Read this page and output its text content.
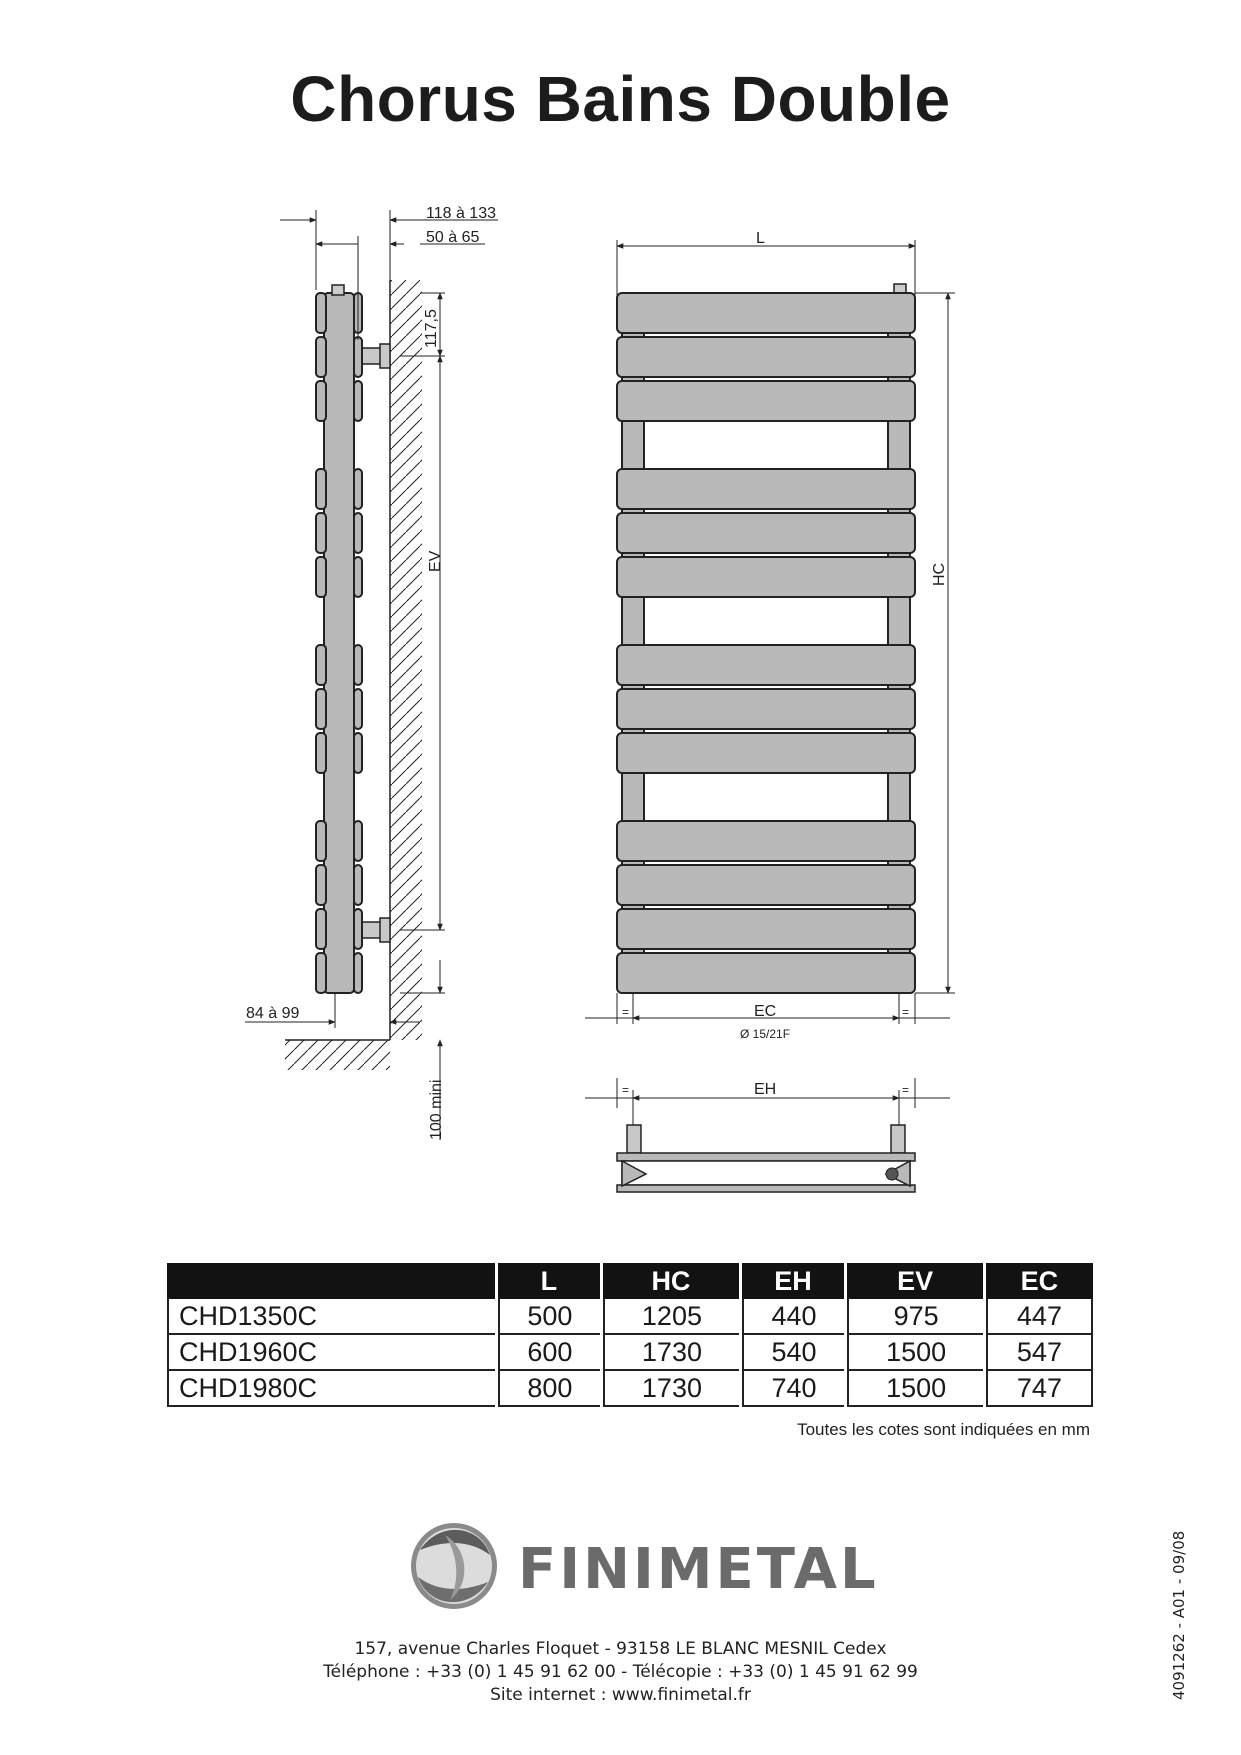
Chorus Bains Double
118 à 133
50 à 65
117,5
EV
84 à 99
100 mini
L
HC
=	=
EC
Ø 15/21F
=	=
EH
	L	HC	EH	EV	EC
CHD1350C	500	1205	440	975	447
CHD1960C	600	1730	540	1500	547
CHD1980C	800	1730	740	1500	747
Toutes les cotes sont indiquées en mm
FINIMETAL
157, avenue Charles Floquet - 93158 LE BLANC MESNIL Cedex
Téléphone : +33 (0) 1 45 91 62 00 - Télécopie : +33 (0) 1 45 91 62 99
Site internet : www.finimetal.fr	4091262 - A01 - 09/08
